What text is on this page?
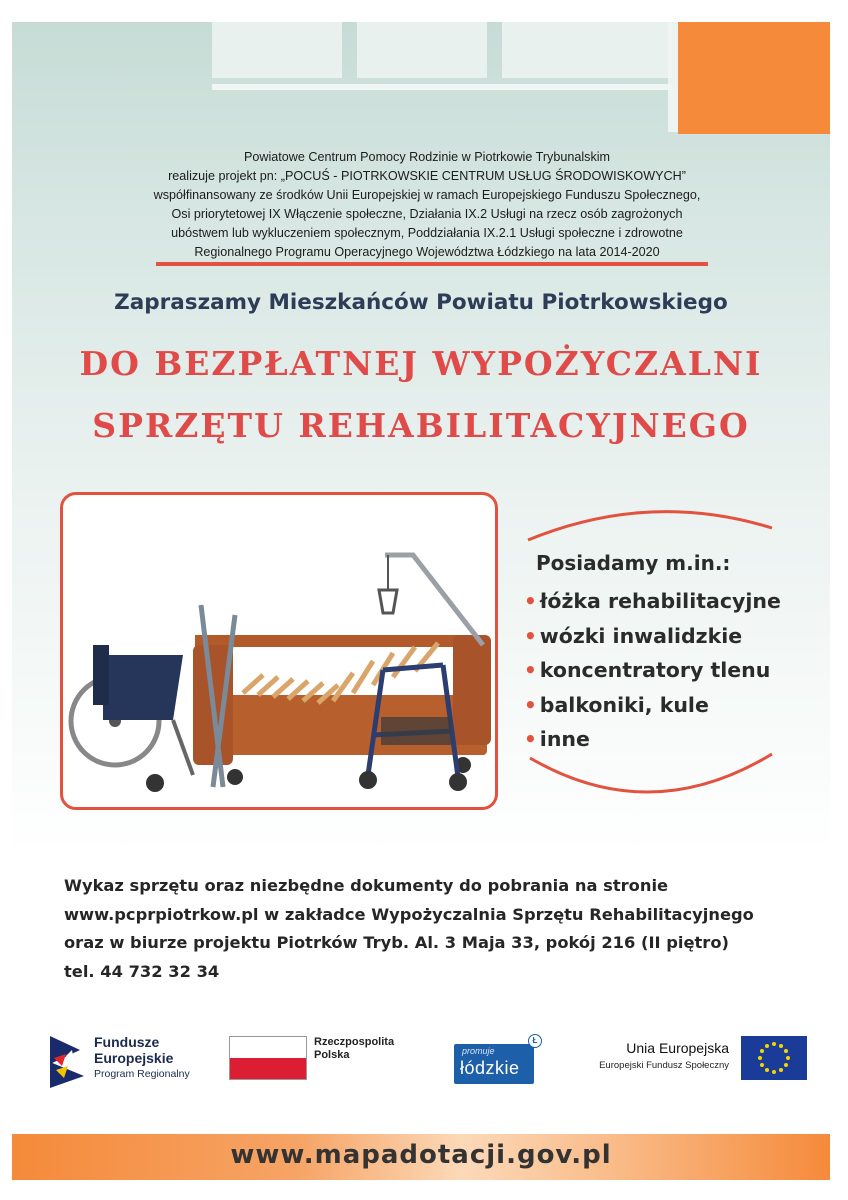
Powiatowe Centrum Pomocy Rodzinie w Piotrkowie Trybunalskim
realizuje projekt pn: „POCUŚ - PIOTRKOWSKIE CENTRUM USŁUG ŚRODOWISKOWYCH”
współfinansowany ze środków Unii Europejskiej w ramach Europejskiego Funduszu Społecznego,
Osi priorytetowej IX Włączenie społeczne, Działania IX.2 Usługi na rzecz osób zagrożonych
ubóstwem lub wykluczeniem społecznym, Poddziałania IX.2.1 Usługi społeczne i zdrowotne
Regionalnego Programu Operacyjnego Województwa Łódzkiego na lata 2014-2020
Zapraszamy Mieszkańców Powiatu Piotrkowskiego
DO BEZPŁATNEJ WYPOŻYCZALNI
SPRZĘTU REHABILITACYJNEGO
Posiadamy m.in.:
• łóżka rehabilitacyjne
• wózki inwalidzkie
• koncentratory tlenu
• balkoniki, kule
• inne
Wykaz sprzętu oraz niezbędne dokumenty do pobrania na stronie
www.pcprpiotrkow.pl w zakładce Wypożyczalnia Sprzętu Rehabilitacyjnego
oraz w biurze projektu Piotrków Tryb. Al. 3 Maja 33, pokój 216 (II piętro)
tel. 44 732 32 34
Fundusze
Europejskie
Program Regionalny
Rzeczpospolita
Polska	promuje
łódzkie
Ł	Unia Europejska
Europejski Fundusz Społeczny
www.mapadotacji.gov.pl
